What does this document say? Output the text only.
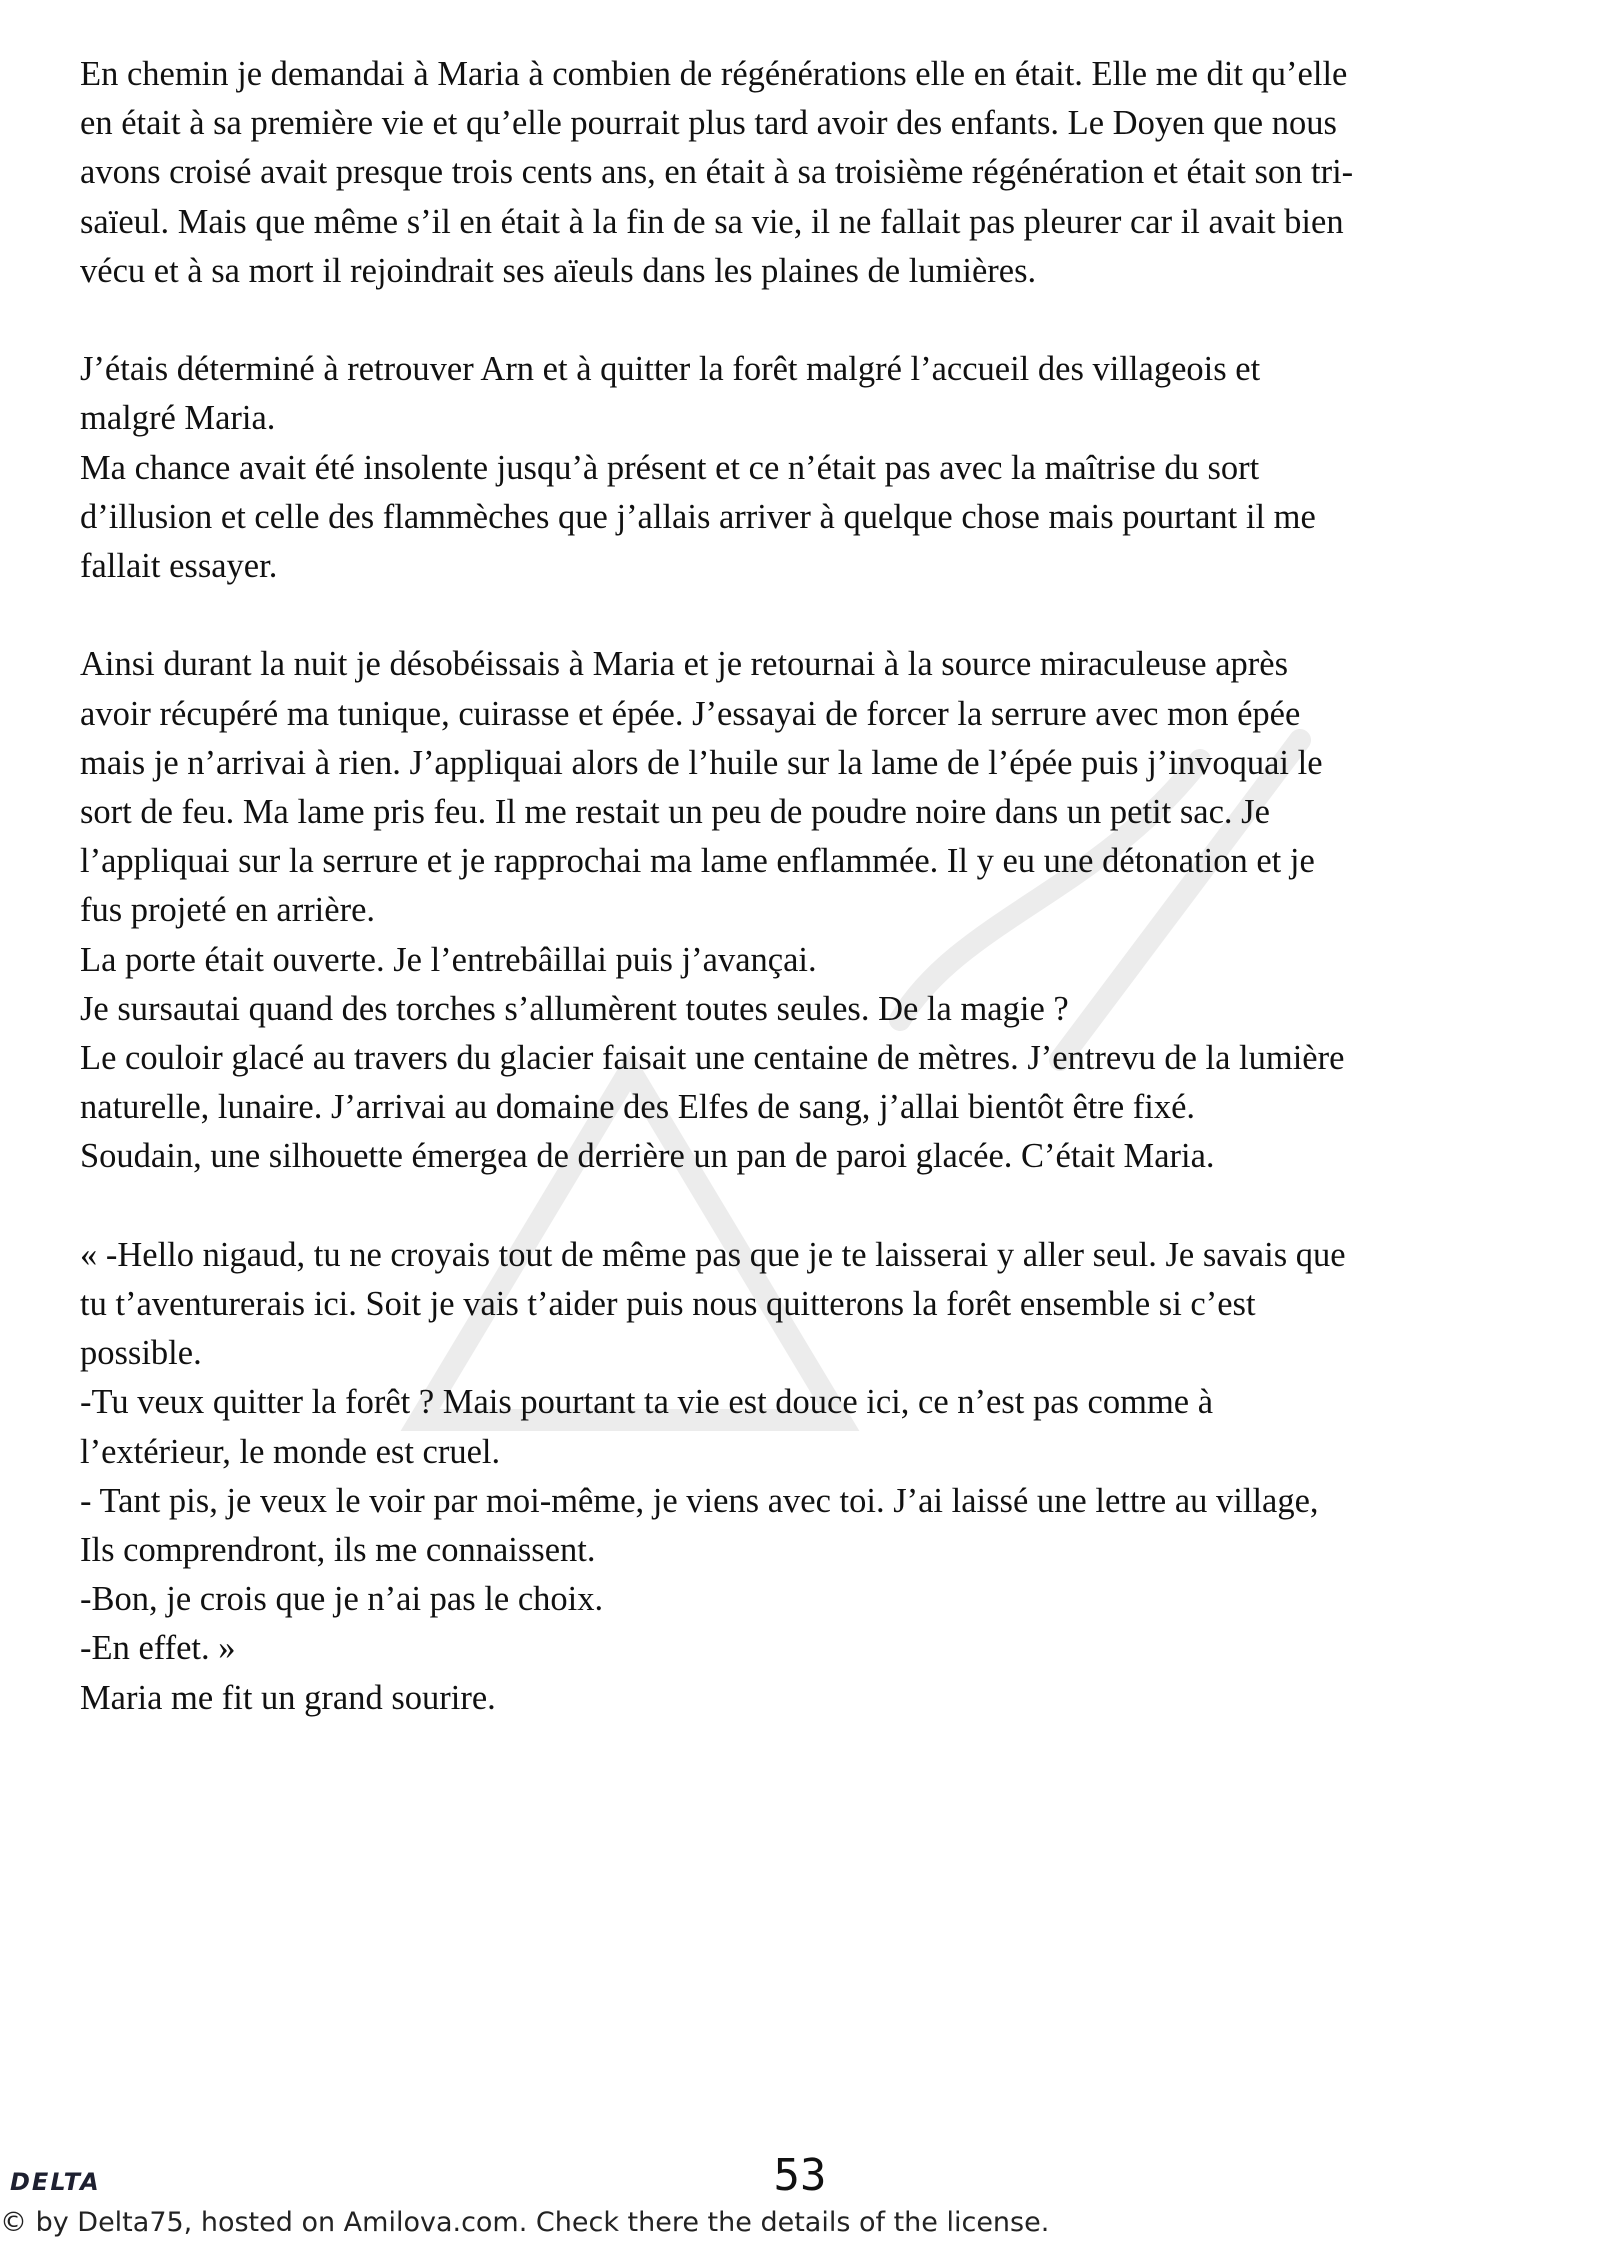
En chemin je demandai à Maria à combien de régénérations elle en était. Elle me dit qu’elle
en était à sa première vie et qu’elle pourrait plus tard avoir des enfants. Le Doyen que nous
avons croisé avait presque trois cents ans, en était à sa troisième régénération et était son tri-
saïeul. Mais que même s’il en était à la fin de sa vie, il ne fallait pas pleurer car il avait bien
vécu et à sa mort il rejoindrait ses aïeuls dans les plaines de lumières.

J’étais déterminé à retrouver Arn et à quitter la forêt malgré l’accueil des villageois et
malgré Maria.
Ma chance avait été insolente jusqu’à présent et ce n’était pas avec la maîtrise du sort
d’illusion et celle des flammèches que j’allais arriver à quelque chose mais pourtant il me
fallait essayer.

Ainsi durant la nuit je désobéissais à Maria et je retournai à la source miraculeuse après
avoir récupéré ma tunique, cuirasse et épée. J’essayai de forcer la serrure avec mon épée
mais je n’arrivai à rien. J’appliquai alors de l’huile sur la lame de l’épée puis j’invoquai le
sort de feu. Ma lame pris feu. Il me restait un peu de poudre noire dans un petit sac. Je
l’appliquai sur la serrure et je rapprochai ma lame enflammée. Il y eu une détonation et je
fus projeté en arrière.
La porte était ouverte. Je l’entrebâillai puis j’avançai.
Je sursautai quand des torches s’allumèrent toutes seules. De la magie ?
Le couloir glacé au travers du glacier faisait une centaine de mètres. J’entrevu de la lumière
naturelle, lunaire. J’arrivai au domaine des Elfes de sang, j’allai bientôt être fixé.
Soudain, une silhouette émergea de derrière un pan de paroi glacée. C’était Maria.

« -Hello nigaud, tu ne croyais tout de même pas que je te laisserai y aller seul. Je savais que
tu t’aventurerais ici. Soit je vais t’aider puis nous quitterons la forêt ensemble si c’est
possible.
-Tu veux quitter la forêt ? Mais pourtant ta vie est douce ici, ce n’est pas comme à
l’extérieur, le monde est cruel.
- Tant pis, je veux le voir par moi-même, je viens avec toi. J’ai laissé une lettre au village,
Ils comprendront, ils me connaissent.
-Bon, je crois que je n’ai pas le choix.
-En effet. »
Maria me fit un grand sourire.

DELTA	53
© by Delta75, hosted on Amilova.com. Check there the details of the license.
